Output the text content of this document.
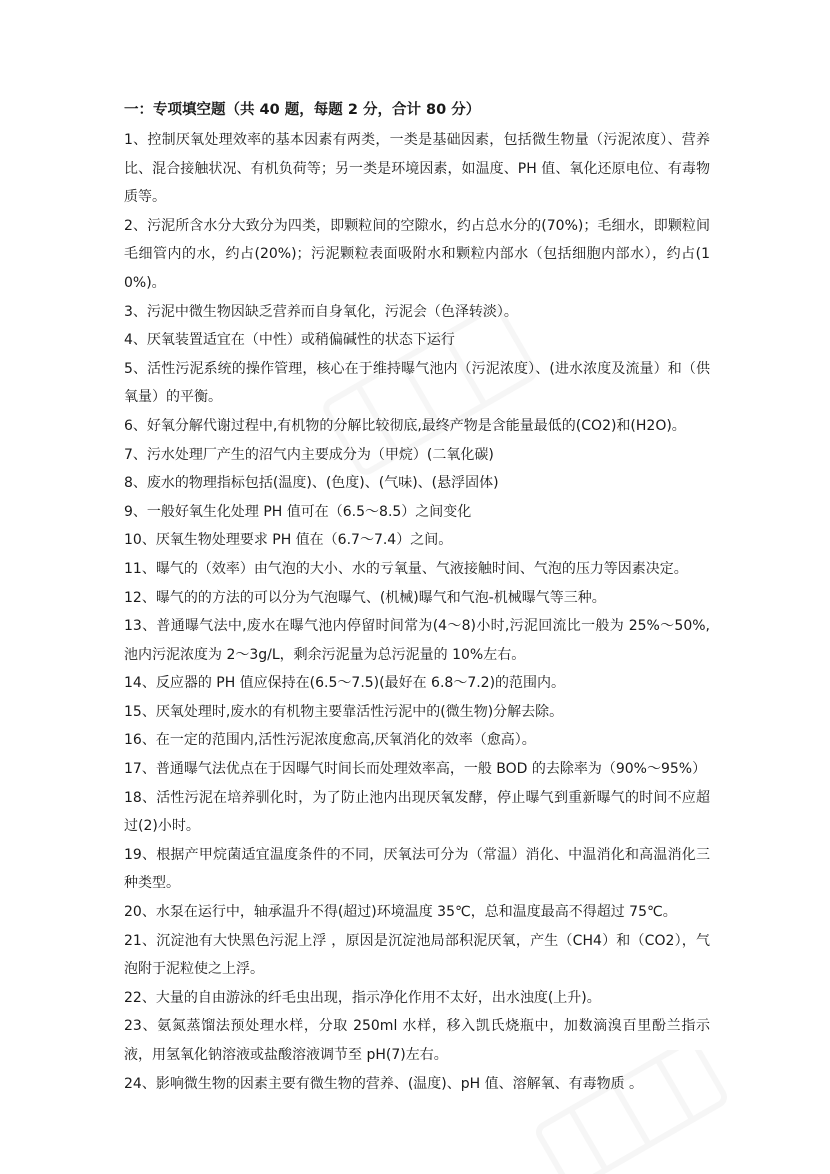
一：专项填空题（共 40 题，每题 2 分，合计 80 分）

1、控制厌氧处理效率的基本因素有两类，一类是基础因素，包括微生物量（污泥浓度）、营养比、混合接触状况、有机负荷等；另一类是环境因素，如温度、PH 值、氧化还原电位、有毒物质等。

2、污泥所含水分大致分为四类，即颗粒间的空隙水，约占总水分的(70%)；毛细水，即颗粒间毛细管内的水，约占(20%)；污泥颗粒表面吸附水和颗粒内部水（包括细胞内部水），约占(10%)。

3、污泥中微生物因缺乏营养而自身氧化，污泥会（色泽转淡）。

4、厌氧装置适宜在（中性）或稍偏碱性的状态下运行

5、活性污泥系统的操作管理，核心在于维持曝气池内（污泥浓度）、(进水浓度及流量）和（供氧量）的平衡。

6、好氧分解代谢过程中,有机物的分解比较彻底,最终产物是含能量最低的(CO2)和(H2O)。

7、污水处理厂产生的沼气内主要成分为（甲烷）(二氧化碳)

8、废水的物理指标包括(温度)、(色度)、(气味)、(悬浮固体)

9、一般好氧生化处理 PH 值可在（6.5～8.5）之间变化

10、厌氧生物处理要求 PH 值在（6.7～7.4）之间。

11、曝气的（效率）由气泡的大小、水的亏氧量、气液接触时间、气泡的压力等因素决定。

12、曝气的的方法的可以分为气泡曝气、(机械)曝气和气泡-机械曝气等三种。

13、普通曝气法中,废水在曝气池内停留时间常为(4～8)小时,污泥回流比一般为 25%～50%,池内污泥浓度为 2～3g/L，剩余污泥量为总污泥量的 10%左右。

14、反应器的 PH 值应保持在(6.5～7.5)(最好在 6.8～7.2)的范围内。

15、厌氧处理时,废水的有机物主要靠活性污泥中的(微生物)分解去除。

16、在一定的范围内,活性污泥浓度愈高,厌氧消化的效率（愈高）。

17、普通曝气法优点在于因曝气时间长而处理效率高，一般 BOD 的去除率为（90%～95%）

18、活性污泥在培养驯化时，为了防止池内出现厌氧发酵，停止曝气到重新曝气的时间不应超过(2)小时。

19、根据产甲烷菌适宜温度条件的不同，厌氧法可分为（常温）消化、中温消化和高温消化三种类型。

20、水泵在运行中，轴承温升不得(超过)环境温度 35℃，总和温度最高不得超过 75℃。

21、沉淀池有大快黑色污泥上浮 ，原因是沉淀池局部积泥厌氧，产生（CH4）和（CO2），气泡附于泥粒使之上浮。

22、大量的自由游泳的纤毛虫出现，指示净化作用不太好，出水浊度(上升)。

23、氨氮蒸馏法预处理水样，分取 250ml 水样，移入凯氏烧瓶中，加数滴溴百里酚兰指示液，用氢氧化钠溶液或盐酸溶液调节至 pH(7)左右。

24、影响微生物的因素主要有微生物的营养、(温度)、pH 值、溶解氧、有毒物质 。
